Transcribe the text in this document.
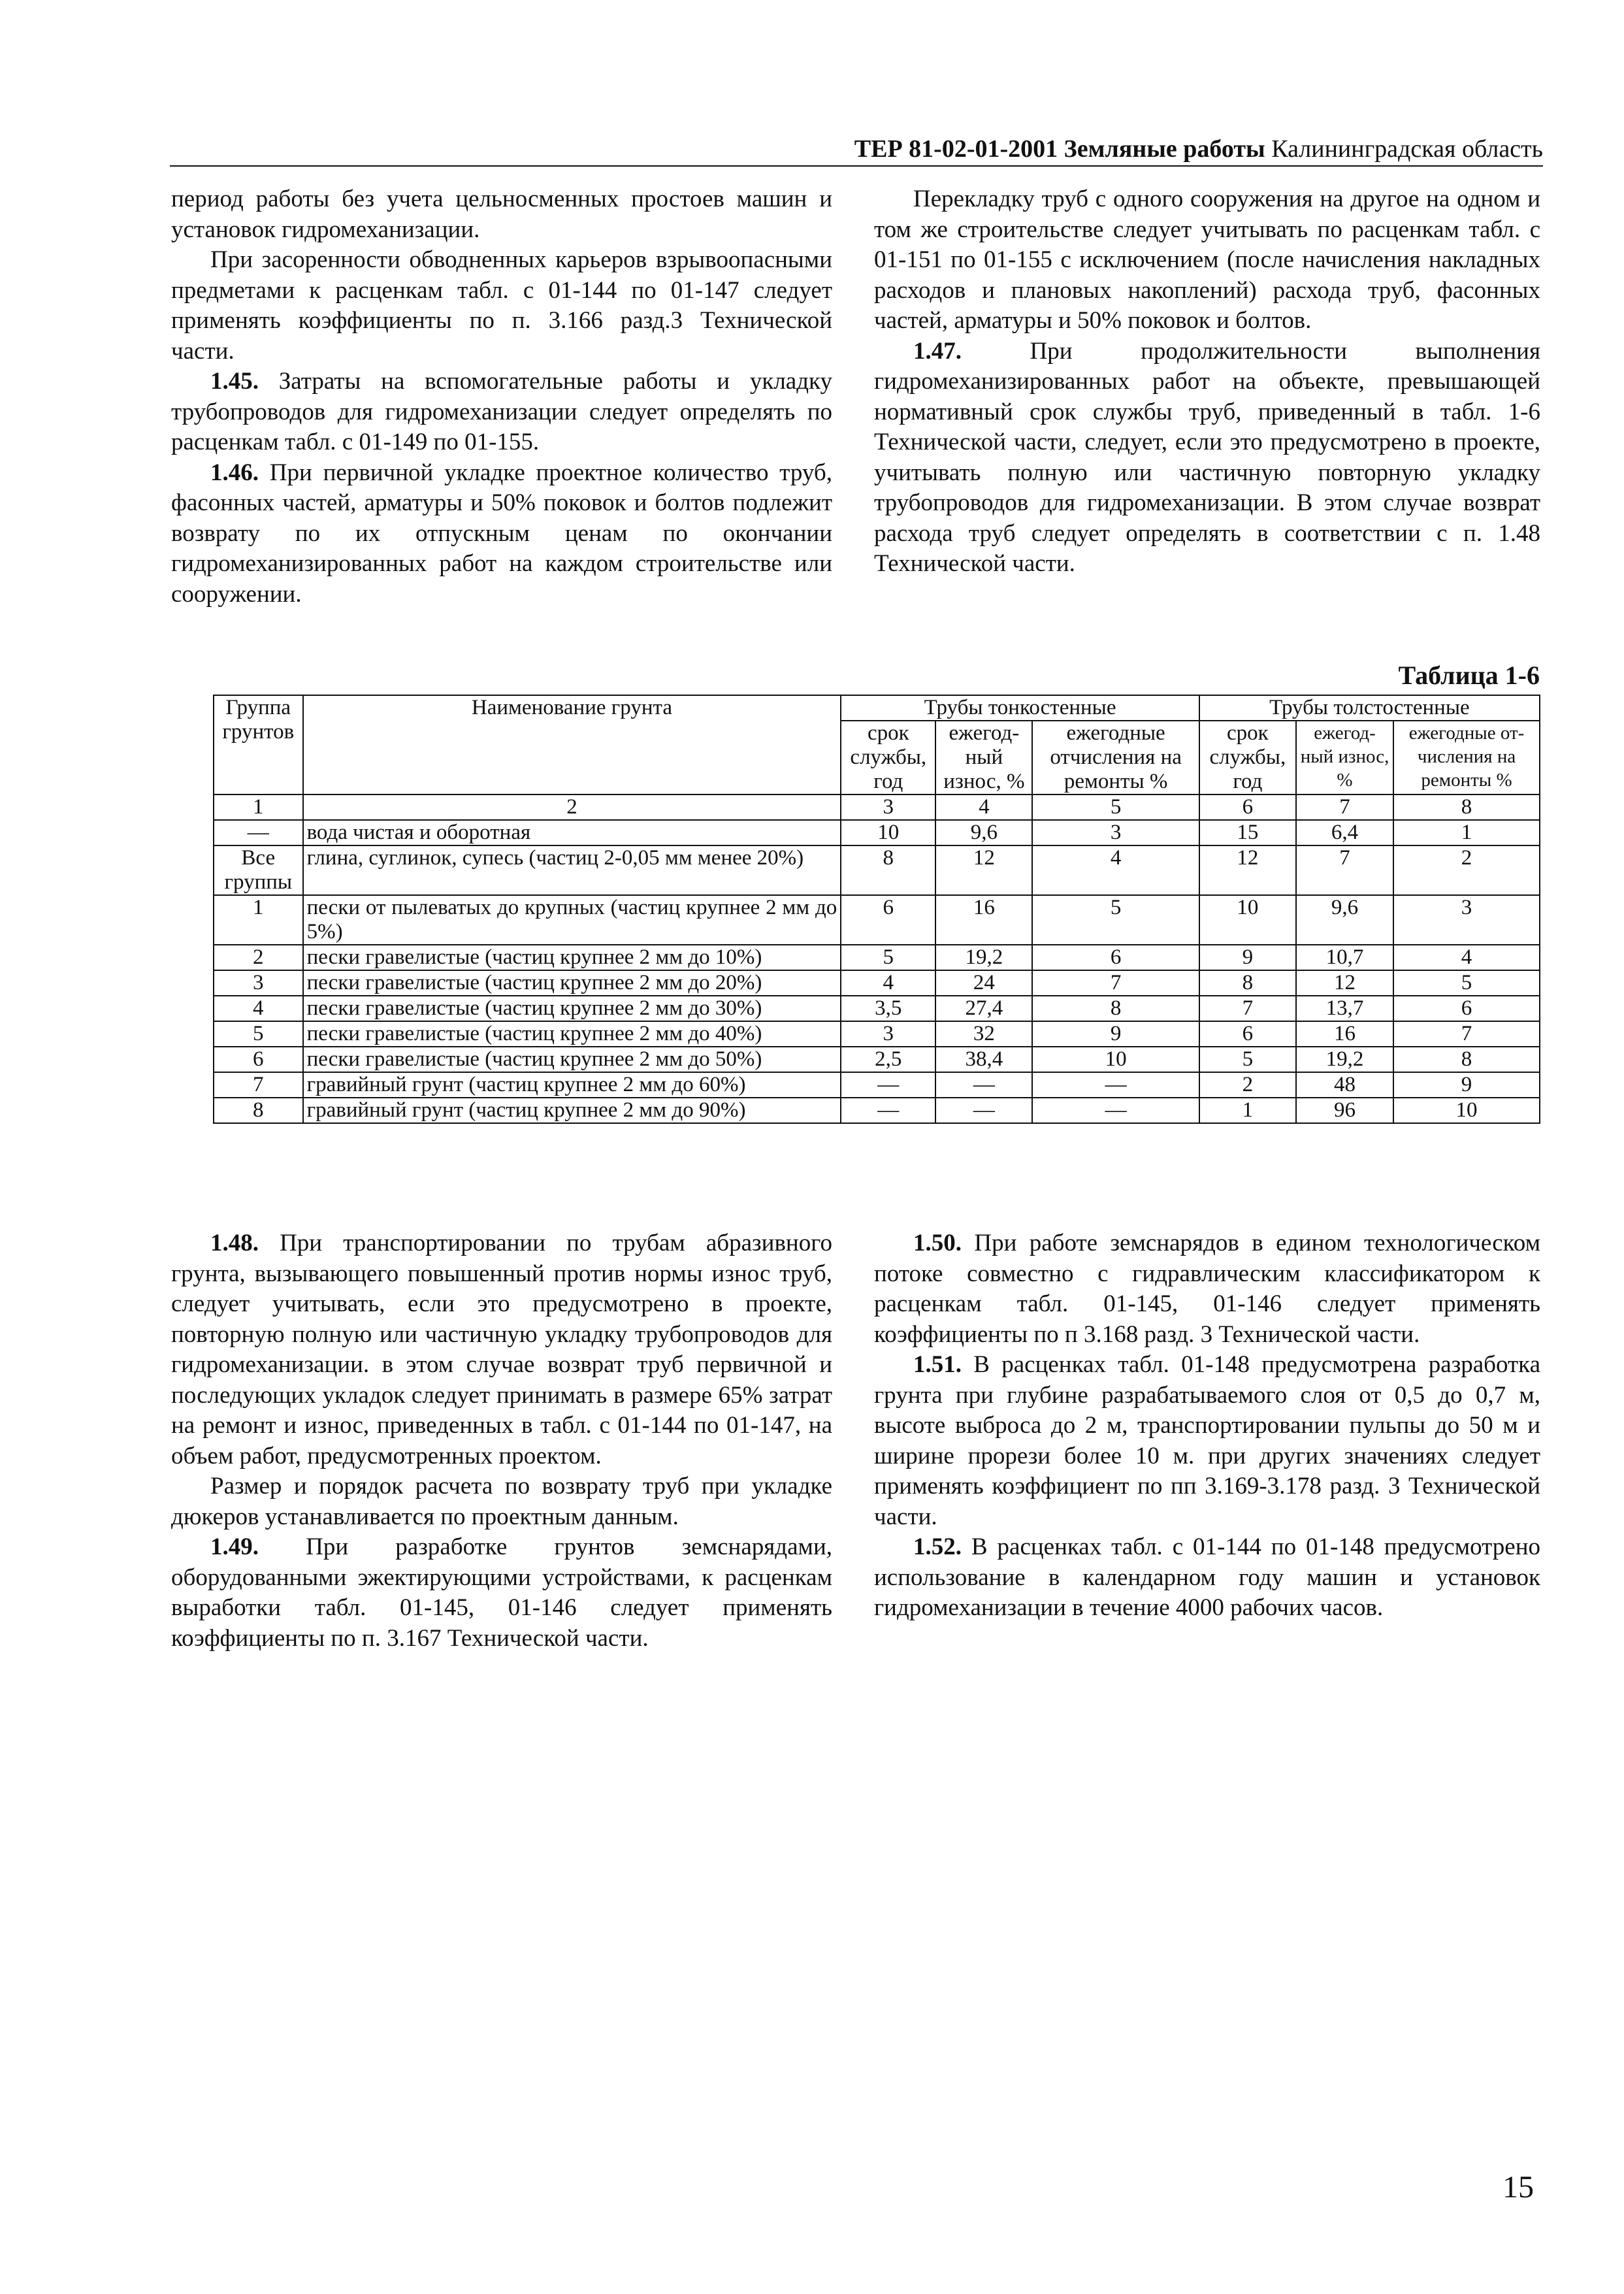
ТЕР 81-02-01-2001 Земляные работы Калининградская область

период работы без учета цельносменных простоев машин и установок гидромеханизации.

При засоренности обводненных карьеров взрывоопасными предметами к расценкам табл. с 01-144 по 01-147 следует применять коэффициенты по п. 3.166 разд.3 Технической части.

1.45. Затраты на вспомогательные работы и укладку трубопроводов для гидромеханизации следует определять по расценкам табл. с 01-149 по 01-155.

1.46. При первичной укладке проектное количество труб, фасонных частей, арматуры и 50% поковок и болтов подлежит возврату по их отпускным ценам по окончании гидромеханизированных работ на каждом строительстве или сооружении.

Перекладку труб с одного сооружения на другое на одном и том же строительстве следует учитывать по расценкам табл. с 01-151 по 01-155 с исключением (после начисления накладных расходов и плановых накоплений) расхода труб, фасонных частей, арматуры и 50% поковок и болтов.

1.47.	При продолжительности выполнения гидромеханизированных работ на объекте, превышающей нормативный срок службы труб, приведенный в табл. 1-6 Технической части, следует, если это предусмотрено в проекте, учитывать полную или частичную повторную укладку трубопроводов для гидромеханизации. В этом случае возврат расхода труб следует определять в соответствии с п. 1.48 Технической части.

Таблица 1-6
Группа грунтов	Наименование грунта	Трубы тонкостенные			Трубы толстостенные		
		срок службы, год	ежегод-ный износ, %	ежегодные отчисления на ремонты %	срок службы, год	ежегод-ный износ, %	ежегодные от-числения на ремонты %
1	2	3	4	5	6	7	8
—	вода чистая и оборотная	10	9,6	3	15	6,4	1
Все группы	глина, суглинок, супесь (частиц 2-0,05 мм менее 20%)	8	12	4	12	7	2
1	пески от пылеватых до крупных (частиц крупнее 2 мм до 5%)	6	16	5	10	9,6	3
2	пески гравелистые (частиц крупнее 2 мм до 10%)	5	19,2	6	9	10,7	4
3	пески гравелистые (частиц крупнее 2 мм до 20%)	4	24	7	8	12	5
4	пески гравелистые (частиц крупнее 2 мм до 30%)	3,5	27,4	8	7	13,7	6
5	пески гравелистые (частиц крупнее 2 мм до 40%)	3	32	9	6	16	7
6	пески гравелистые (частиц крупнее 2 мм до 50%)	2,5	38,4	10	5	19,2	8
7	гравийный грунт (частиц крупнее 2 мм до 60%)	—	—	—	2	48	9
8	гравийный грунт (частиц крупнее 2 мм до 90%)	—	—	—	1	96	10

1.48. При транспортировании по трубам абразивного грунта, вызывающего повышенный против нормы износ труб, следует учитывать, если это предусмотрено в проекте, повторную полную или частичную укладку трубопроводов для гидромеханизации. в этом случае возврат труб первичной и последующих укладок следует принимать в размере 65% затрат на ремонт и износ, приведенных в табл. с 01-144 по 01-147, на объем работ, предусмотренных проектом.

Размер и порядок расчета по возврату труб при укладке дюкеров устанавливается по проектным данным.

1.49. При разработке грунтов земснарядами, оборудованными эжектирующими устройствами, к расценкам выработки табл. 01-145, 01-146 следует применять коэффициенты по п. 3.167 Технической части.

1.50. При работе земснарядов в едином технологическом потоке совместно с гидравлическим классификатором к расценкам табл. 01-145, 01-146 следует применять коэффициенты по п 3.168 разд. 3 Технической части.

1.51. В расценках табл. 01-148 предусмотрена разработка грунта при глубине разрабатываемого слоя от 0,5 до 0,7 м, высоте выброса до 2 м, транспортировании пульпы до 50 м и ширине прорези более 10 м. при других значениях следует применять коэффициент по пп 3.169-3.178 разд. 3 Технической части.

1.52. В расценках табл. с 01-144 по 01-148 предусмотрено использование в календарном году машин и установок гидромеханизации в течение 4000 рабочих часов.

15
